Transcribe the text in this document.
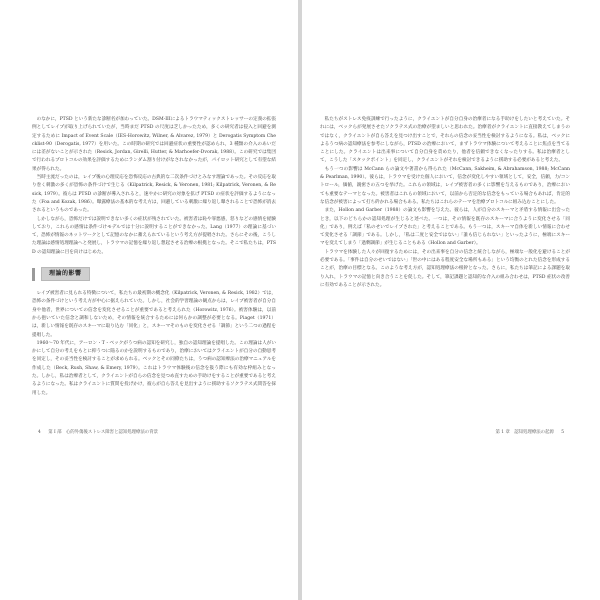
のなかに，PTSD という新たな診断名が加わっていた。DSM-IIIによるトラウマティックストレッサーの定義の拡張例としてレイプが取り上げられていたが，当時まだ PTSD の尺度は乏しかったため，多くの研究者は侵入と回避を測定するために Impact of Event Scale（IES-Horowitz, Wilner, & Alvarez, 1979）と Derogatis Symptom Checklist-90（Derogatis, 1977）を用いた。この時期の研究では回避症状の重要性が認められ，3 種類の介入のあいだには差がないことが示された（Resick, Jordan, Girelli, Hutter, & Marhoefer-Dvorak, 1988）。この研究では集団で行われるプロトコルの効果を評価するためにランダム割り付けがなされなかったが，パイロット研究として有望な結果が得られた。

当時主流だったのは，レイプ後の心理反応を恐怖反応の古典的な二次条件づけとみなす理論であった。その反応を取り巻く刺激の多くが恐怖の条件づけで生じる（Kilpatrick, Resick, & Veronen, 1981; Kilpatrick, Veronen, & Resick, 1979）。彼らは PTSD の診断が導入されると，速やかに研究の対象を拡げ PTSD の症状を評価するようになった（Foa and Kozak, 1986）。曝露療法の基本的な考え方は，回避している刺激に繰り返し曝されることで恐怖が消去されるというものであった。

しかしながら，恐怖だけでは説明できない多くの症状が残されていた。被害者は恥や罪悪感，怒りなどの感情を経験しており，これらの感情は条件づけモデルでは十分に説明することができなかった。Lang（1977）の理論に基づいて，恐怖が情報のネットワークとして記憶のなかに蓄えられているという考え方が提唱された。さらにその後，こうした理論は感情処理理論へと発展し，トラウマの記憶を繰り返し想起させる治療の根拠となった。そこで私たちは，PTSD の認知理論に目を向けはじめた。

理論的影響

レイプ被害者に見られる特徴について，私たちの最初期の概念化（Kilpatrick, Veronen, & Resick, 1982）では，恐怖の条件づけという考え方が中心に据えられていた。しかし，社会的学習理論の観点からは，レイプ被害者が自分自身や他者，世界についての信念を変化させることが重要であると考えられた（Horowitz, 1976）。被害体験は，以前から抱いていた信念と調和しないため，その情報を統合するためには何らかの調整が必要となる。Piaget（1971）は，新しい情報を既存のスキーマに取り込む「同化」と，スキーマそのものを変化させる「調節」という二つの過程を提唱した。

1960〜70 年代に，アーロン・T・ベックがうつ病の認知を研究し，独自の認知理論を提唱した。この理論は人がいかにして自分の考えをもとに抑うつに陥るのかを説明するものであり，治療においてはクライエントが自分の自動思考を同定し，その妥当性を検討することが求められる。ベックとその同僚たちは，うつ病の認知療法の治療マニュアルを作成した（Beck, Rush, Shaw, & Emery, 1979）。これはトラウマ体験後の信念を扱う際にも有効な枠組みとなった。しかし，私は治療者として，クライエントが自らの信念を見つめ直すための手助けをすることが重要であると考えるようになった。私はクライエントに質問を投げかけ，彼らが自ら答えを見出すように援助するソクラテス式問答を採用した。

4 第 I 部　心的外傷後ストレス障害と認知処理療法の背景

私たちがストレス免疫訓練で行ったように，クライエントが自分自身の治療者になる手助けをしたいと考えていた。それには，ベックらが発展させたソクラテス式の治療が望ましいと思われた。治療者がクライエントに直接教えてしまうのではなく，クライエントが自ら答えを見つけ出すことで，それらの信念の妥当性を検討するようになる。私は，ベックによるうつ病の認知療法を参考にしながら，PTSD の治療において，まずトラウマ体験について考えることに焦点を当てることにした。クライエントは出来事について自分自身を責めたり，他者を信頼できなくなったりする。私は治療者として，こうした「スタックポイント」を同定し，クライエントがそれを検討できるように援助する必要があると考えた。

もう一つの影響は McCann らの論文や著書から得られた（McCann, Sakheim, & Abrahamson, 1988; McCann & Pearlman, 1990）。彼らは，トラウマを受けた個人において，信念が変化しやすい領域として，安全，信頼，力/コントロール，価値，親密さの五つを挙げた。これらの領域は，レイプ被害者の多くに影響を与えるものであり，治療においても重要なテーマとなった。被害者はこれらの領域において，以前から否定的な信念をもっている場合もあれば，肯定的な信念が被害によって打ち砕かれる場合もある。私たちはこれらのテーマを治療プロトコルに組み込むことにした。

また，Hollon and Garber（1988）の論文も影響を与えた。彼らは，人が自分のスキーマと矛盾する情報に出会ったとき，以下のどちらかの認知処理が生じると述べた。一つは，その情報を既存のスキーマに合うように変化させる「同化」であり，例えば「私のせいでレイプされた」と考えることである。もう一つは，スキーマ自体を新しい情報に合わせて変化させる「調節」である。しかし，「私は二度と安全ではない」「誰も信じられない」といったように，極端にスキーマを変えてしまう「過剰調節」が生じることもある（Hollon and Garber）。

トラウマを体験した人々が回復するためには，その出来事を自分の信念と統合しながら，極端な一般化を避けることが必要である。「事件は自分のせいではない」「世の中にはある程度安全な場所もある」という均衡のとれた信念を形成することが，治療の目標となる。このような考え方が，認知処理療法の根幹となった。さらに，私たちは筆記による課題を取り入れ，トラウマの記憶と向き合うことを促した。そして，筆記課題と認知的な介入の組み合わせは，PTSD 症状の改善に有効であることが示された。

第 1 章　認知処理療法の起源 5
